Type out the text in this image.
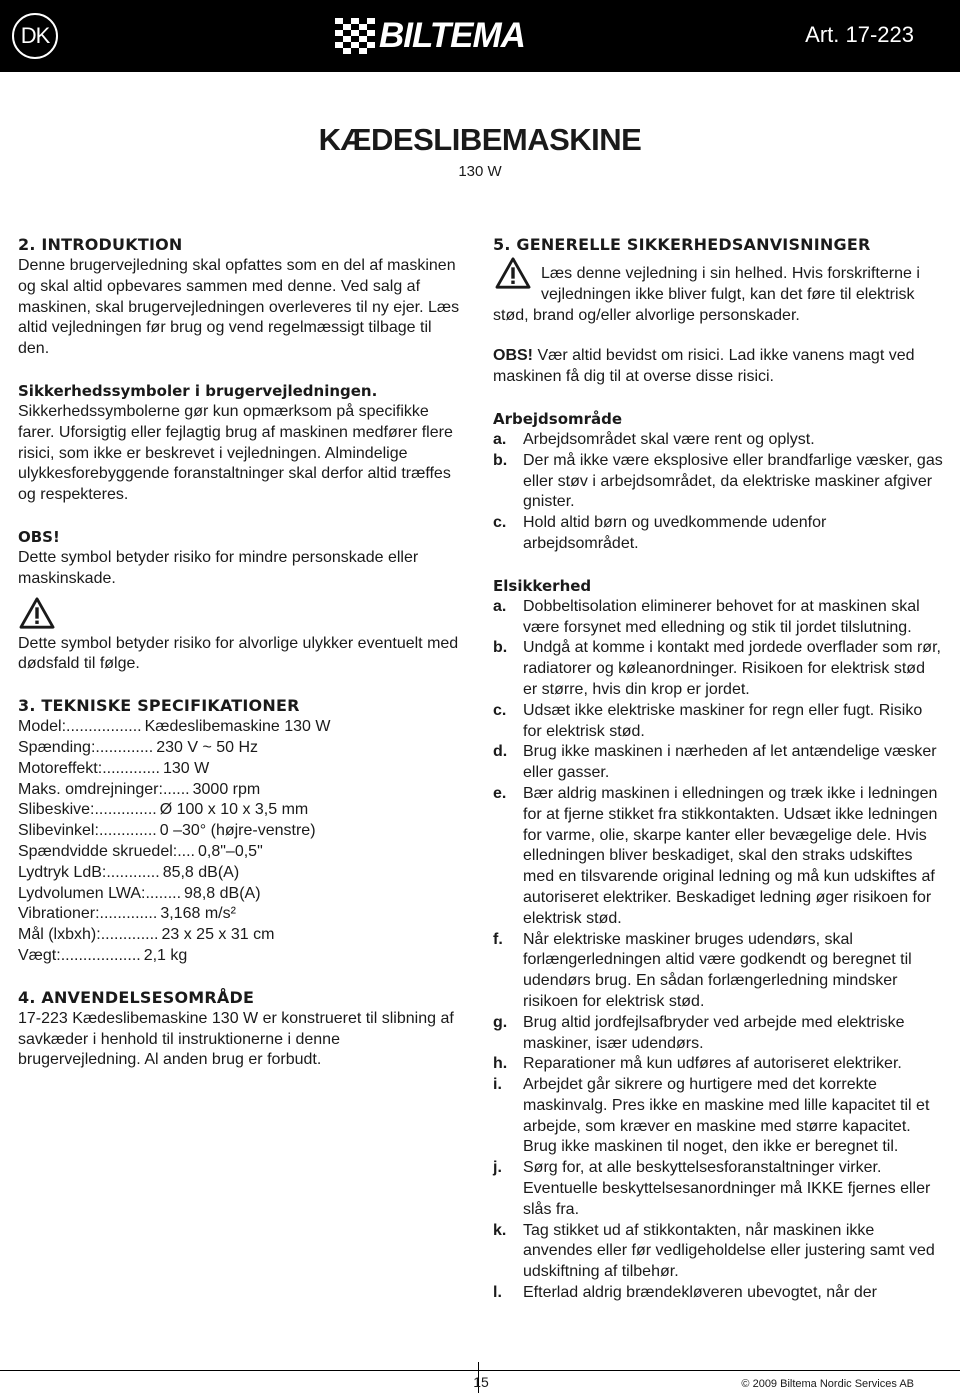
DK	BILTEMA	Art. 17-223
KÆDESLIBEMASKINE
130 W
2. INTRODUKTION

Denne brugervejledning skal opfattes som en del af maskinen og skal altid opbevares sammen med denne. Ved salg af maskinen, skal brugervejledningen overleveres til ny ejer. Læs altid vejledningen før brug og vend regelmæssigt tilbage til den.

Sikkerhedssymboler i brugervejledningen.

Sikkerhedssymbolerne gør kun opmærksom på specifikke farer. Uforsigtig eller fejlagtig brug af maskinen medfører flere risici, som ikke er beskrevet i vejledningen. Almindelige ulykkesforebyggende foranstaltninger skal derfor altid træffes og respekteres.

OBS!

Dette symbol betyder risiko for mindre personskade eller maskinskade.

Dette symbol betyder risiko for alvorlige ulykker eventuelt med dødsfald til følge.

3. TEKNISKE SPECIFIKATIONER
Model: ................. Kædeslibemaskine 130 W
Spænding: ............. 230 V ~ 50 Hz
Motoreffekt: ............. 130 W
Maks. omdrejninger: ...... 3000 rpm
Slibeskive: .............. Ø 100 x 10 x 3,5 mm
Slibevinkel: ............. 0 –30° (højre-venstre)
Spændvidde skruedel: .... 0,8"–0,5"
Lydtryk LdB: ............ 85,8 dB(A)
Lydvolumen LWA: ........ 98,8 dB(A)
Vibrationer: ............. 3,168 m/s²
Mål (lxbxh): ............. 23 x 25 x 31 cm
Vægt: .................. 2,1 kg
4. ANVENDELSESOMRÅDE

17-223 Kædeslibemaskine 130 W er konstrueret til slibning af savkæder i henhold til instruktionerne i denne brugervejledning. Al anden brug er forbudt.

5. GENERELLE SIKKERHEDSANVISNINGER

Læs denne vejledning i sin helhed. Hvis forskrifterne i vejledningen ikke bliver fulgt, kan det føre til elektrisk stød, brand og/eller alvorlige personskader.

OBS! Vær altid bevidst om risici. Lad ikke vanens magt ved maskinen få dig til at overse disse risici.

Arbejdsområde
a.	Arbejdsområdet skal være rent og oplyst.
b. Der må ikke være eksplosive eller brandfarlige væsker, gas eller støv i arbejdsområdet, da elektriske maskiner afgiver gnister.
c.	Hold altid børn og uvedkommende udenfor arbejdsområdet.
Elsikkerhed
a.	Dobbeltisolation eliminerer behovet for at maskinen skal være forsynet med elledning og stik til jordet tilslutning.
b. Undgå at komme i kontakt med jordede overflader som rør, radiatorer og køleanordninger. Risikoen for elektrisk stød er større, hvis din krop er jordet.
c.	Udsæt ikke elektriske maskiner for regn eller fugt. Risiko for elektrisk stød.
d. Brug ikke maskinen i nærheden af let antændelige væsker eller gasser.
e.	Bær aldrig maskinen i elledningen og træk ikke i ledningen for at fjerne stikket fra stikkontakten. Udsæt ikke ledningen for varme, olie, skarpe kanter eller bevægelige dele. Hvis elledningen bliver beskadiget, skal den straks udskiftes med en tilsvarende original ledning og må kun udskiftes af autoriseret elektriker. Beskadiget ledning øger risikoen for elektrisk stød.
f.	Når elektriske maskiner bruges udendørs, skal forlængerledningen altid være godkendt og beregnet til udendørs brug. En sådan forlængerledning mindsker risikoen for elektrisk stød.
g. Brug altid jordfejlsafbryder ved arbejde med elektriske maskiner, især udendørs.
h. Reparationer må kun udføres af autoriseret elektriker.
i.	Arbejdet går sikrere og hurtigere med det korrekte maskinvalg. Pres ikke en maskine med lille kapacitet til et arbejde, som kræver en maskine med større kapacitet. Brug ikke maskinen til noget, den ikke er beregnet til.
j.	Sørg for, at alle beskyttelsesforanstaltninger virker. Eventuelle beskyttelsesanordninger må IKKE fjernes eller slås fra.
k.	Tag stikket ud af stikkontakten, når maskinen ikke anvendes eller før vedligeholdelse eller justering samt ved udskiftning af tilbehør.
l.	Efterlad aldrig brændekløveren ubevogtet, når der
15	© 2009 Biltema Nordic Services AB
